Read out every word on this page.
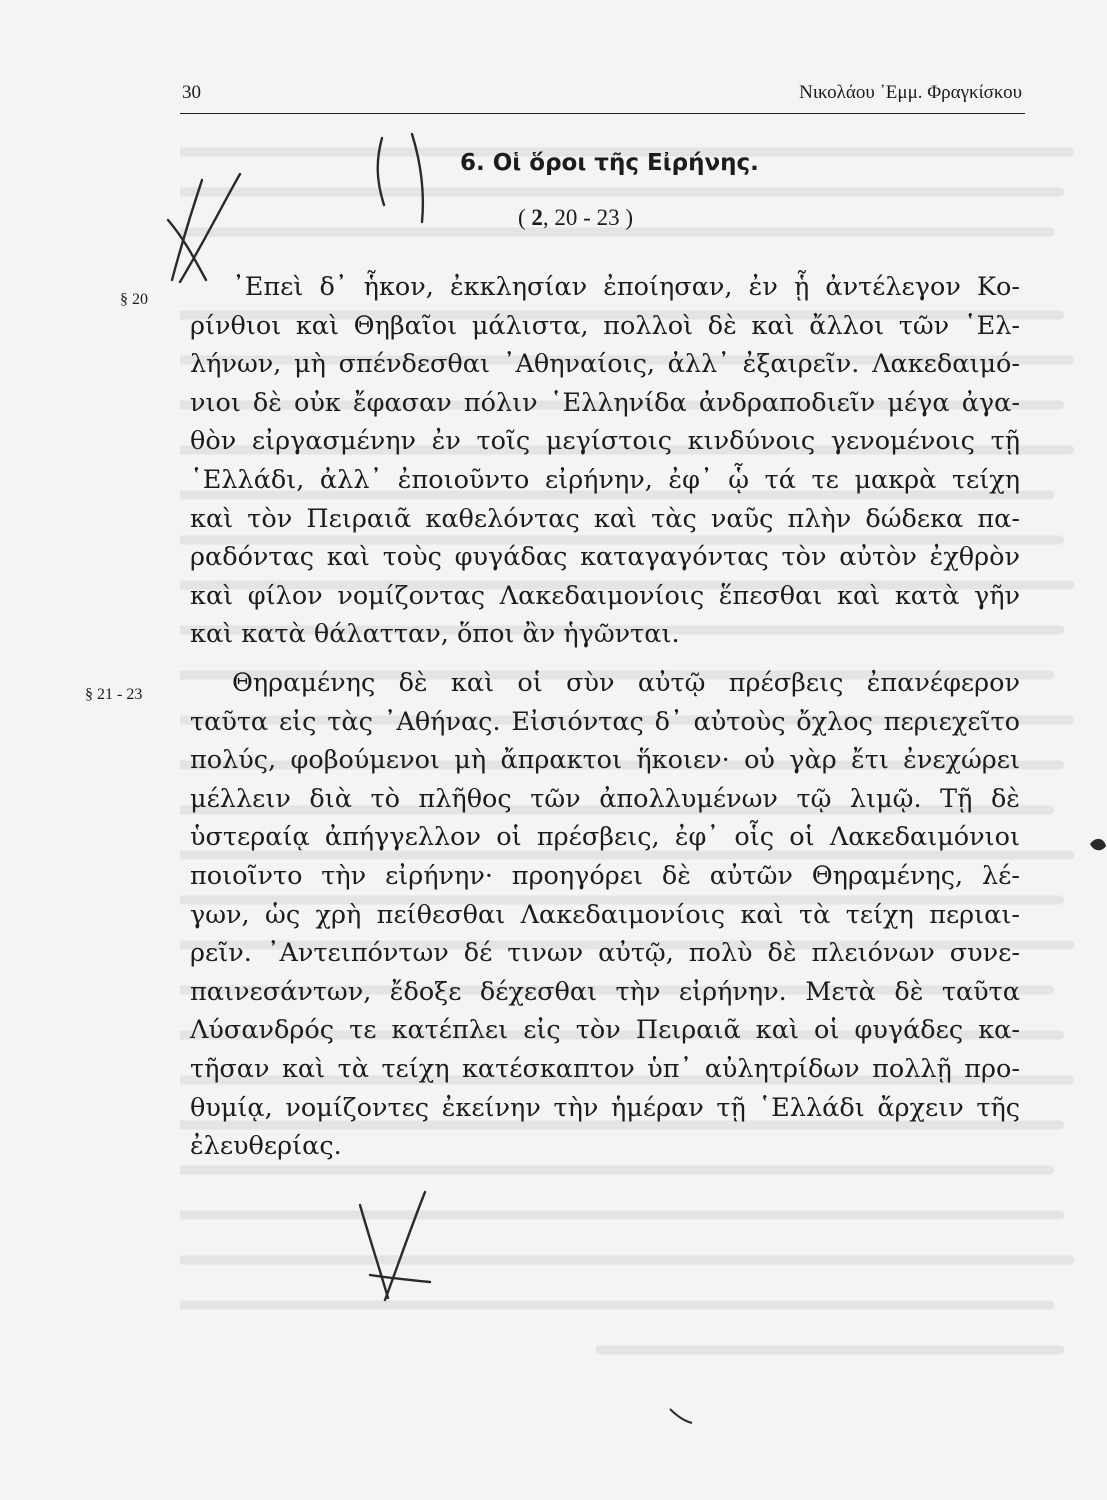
30	Νικολάου ᾿Εμμ. Φραγκίσκου
6. Οἱ ὅροι τῆς Εἰρήνης.
( 2, 20 - 23 )
§ 20	᾿Επεὶ δ᾿ ἧκον, ἐκκλησίαν ἐποίησαν, ἐν ᾗ ἀντέλεγον Κο-
ρίνθιοι καὶ Θηβαῖοι μάλιστα, πολλοὶ δὲ καὶ ἄλλοι τῶν ῾Ελ-
λήνων, μὴ σπένδεσθαι ᾿Αθηναίοις, ἀλλ᾿ ἐξαιρεῖν. Λακεδαιμό-
νιοι δὲ οὐκ ἔφασαν πόλιν ῾Ελληνίδα ἀνδραποδιεῖν μέγα ἀγα-
θὸν εἰργασμένην ἐν τοῖς μεγίστοις κινδύνοις γενομένοις τῇ
῾Ελλάδι, ἀλλ᾿ ἐποιοῦντο εἰρήνην, ἐφ᾿ ᾧ τά τε μακρὰ τείχη
καὶ τὸν Πειραιᾶ καθελόντας καὶ τὰς ναῦς πλὴν δώδεκα πα-
ραδόντας καὶ τοὺς φυγάδας καταγαγόντας τὸν αὐτὸν ἐχθρὸν
καὶ φίλον νομίζοντας Λακεδαιμονίοις ἕπεσθαι καὶ κατὰ γῆν
καὶ κατὰ θάλατταν, ὅποι ἂν ἡγῶνται.
§ 21 - 23	Θηραμένης δὲ καὶ οἱ σὺν αὐτῷ πρέσβεις ἐπανέφερον
ταῦτα εἰς τὰς ᾿Αθήνας. Εἰσιόντας δ᾿ αὐτοὺς ὄχλος περιεχεῖτο
πολύς, φοβούμενοι μὴ ἄπρακτοι ἥκοιεν· οὐ γὰρ ἔτι ἐνεχώρει
μέλλειν διὰ τὸ πλῆθος τῶν ἀπολλυμένων τῷ λιμῷ. Τῇ δὲ
ὑστεραίᾳ ἀπήγγελλον οἱ πρέσβεις, ἐφ᾿ οἷς οἱ Λακεδαιμόνιοι
ποιοῖντο τὴν εἰρήνην· προηγόρει δὲ αὐτῶν Θηραμένης, λέ-
γων, ὡς χρὴ πείθεσθαι Λακεδαιμονίοις καὶ τὰ τείχη περιαι-
ρεῖν. ᾿Αντειπόντων δέ τινων αὐτῷ, πολὺ δὲ πλειόνων συνε-
παινεσάντων, ἔδοξε δέχεσθαι τὴν εἰρήνην. Μετὰ δὲ ταῦτα
Λύσανδρός τε κατέπλει εἰς τὸν Πειραιᾶ καὶ οἱ φυγάδες κα-
τῆσαν καὶ τὰ τείχη κατέσκαπτον ὑπ᾿ αὐλητρίδων πολλῇ προ-
θυμίᾳ, νομίζοντες ἐκείνην τὴν ἡμέραν τῇ ῾Ελλάδι ἄρχειν τῆς
ἐλευθερίας.
